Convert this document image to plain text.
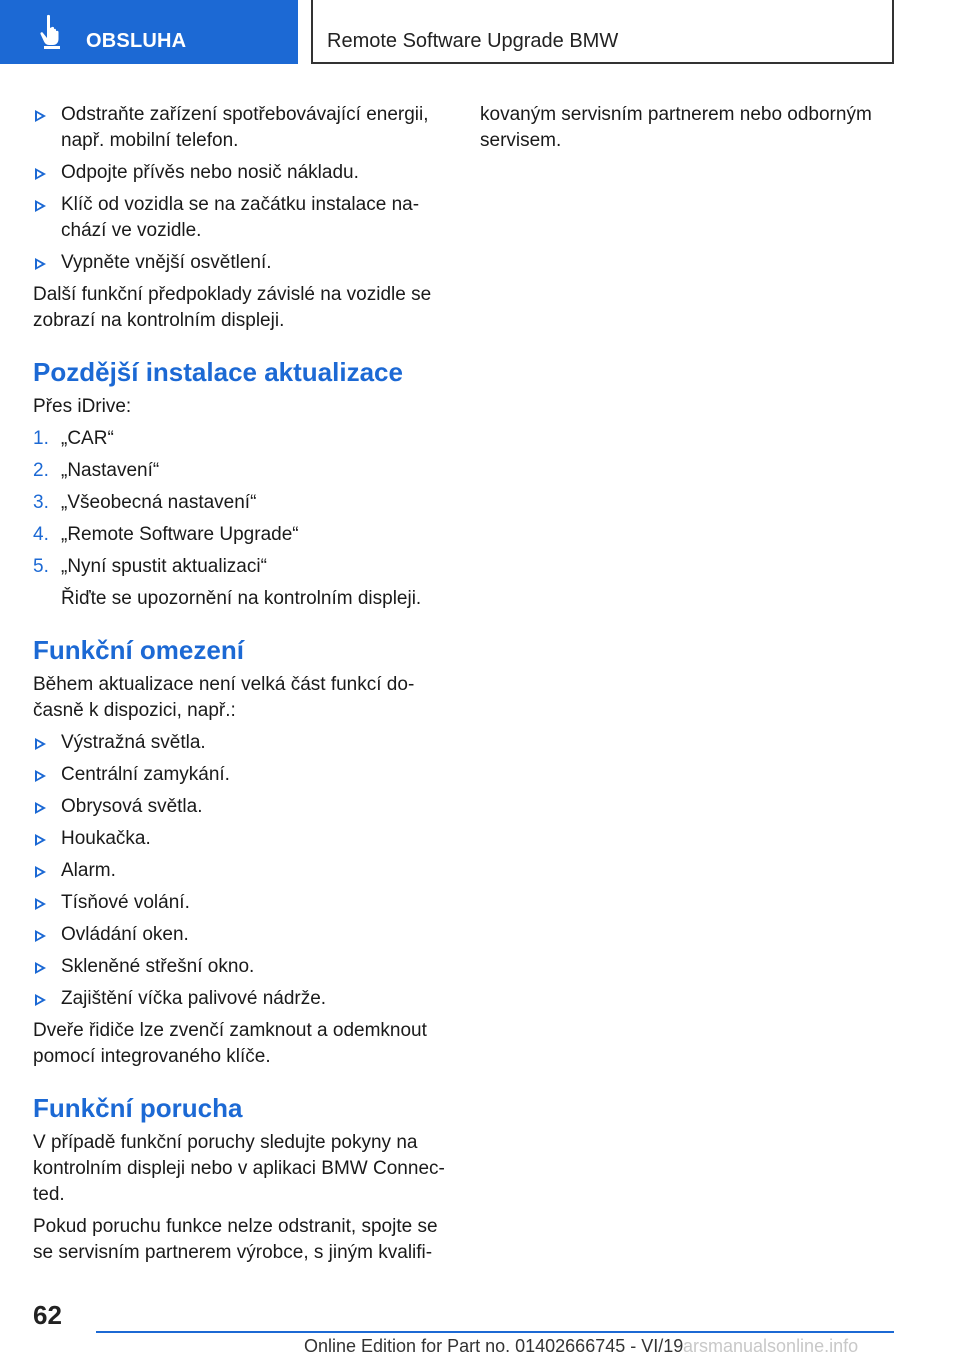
OBSLUHA	Remote Software Upgrade BMW
Odstraňte zařízení spotřebovávající energii, např. mobilní telefon.
Odpojte přívěs nebo nosič nákladu.
Klíč od vozidla se na začátku instalace nachází ve vozidle.
Vypněte vnější osvětlení.

Další funkční předpoklady závislé na vozidle se zobrazí na kontrolním displeji.

Pozdější instalace aktualizace

Přes iDrive:

1. „CAR“
2. „Nastavení“
3. „Všeobecná nastavení“
4. „Remote Software Upgrade“
5. „Nyní spustit aktualizaci“
Řiďte se upozornění na kontrolním displeji.
Funkční omezení

Během aktualizace není velká část funkcí dočasně k dispozici, např.:

Výstražná světla.
Centrální zamykání.
Obrysová světla.
Houkačka.
Alarm.
Tísňové volání.
Ovládání oken.
Skleněné střešní okno.
Zajištění víčka palivové nádrže.

Dveře řidiče lze zvenčí zamknout a odemknout pomocí integrovaného klíče.

Funkční porucha

V případě funkční poruchy sledujte pokyny na kontrolním displeji nebo v aplikaci BMW Connected.

Pokud poruchu funkce nelze odstranit, spojte se se servisním partnerem výrobce, s jiným kvalifi-

kovaným servisním partnerem nebo odborným servisem.

62
Online Edition for Part no. 01402666745 - VI/19 arsmanualsonline.info
